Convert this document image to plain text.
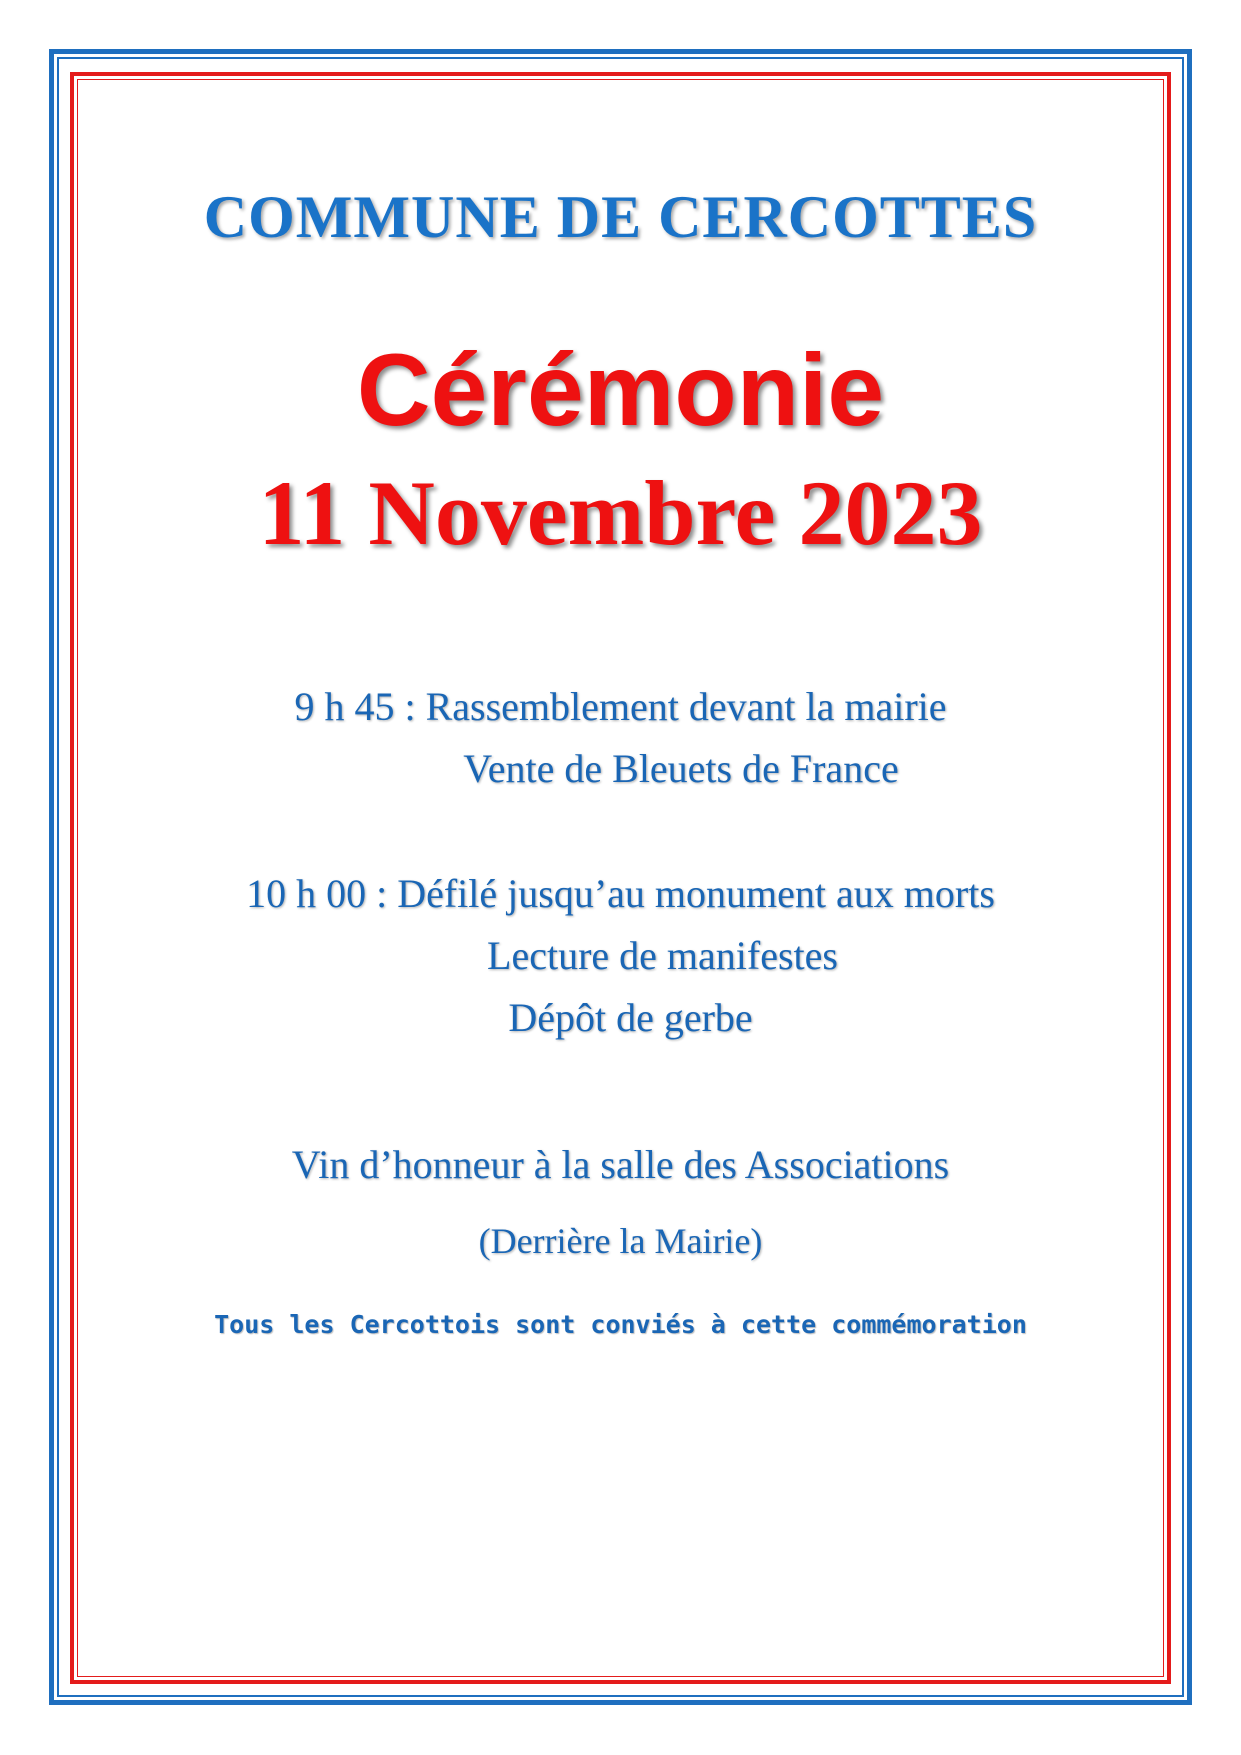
COMMUNE DE CERCOTTES
Cérémonie
11 Novembre 2023
9 h 45 : Rassemblement devant la mairie
Vente de Bleuets de France
10 h 00 : Défilé jusqu’au monument aux morts
Lecture de manifestes
Dépôt de gerbe
Vin d’honneur à la salle des Associations
(Derrière la Mairie)
Tous les Cercottois sont conviés à cette commémoration
